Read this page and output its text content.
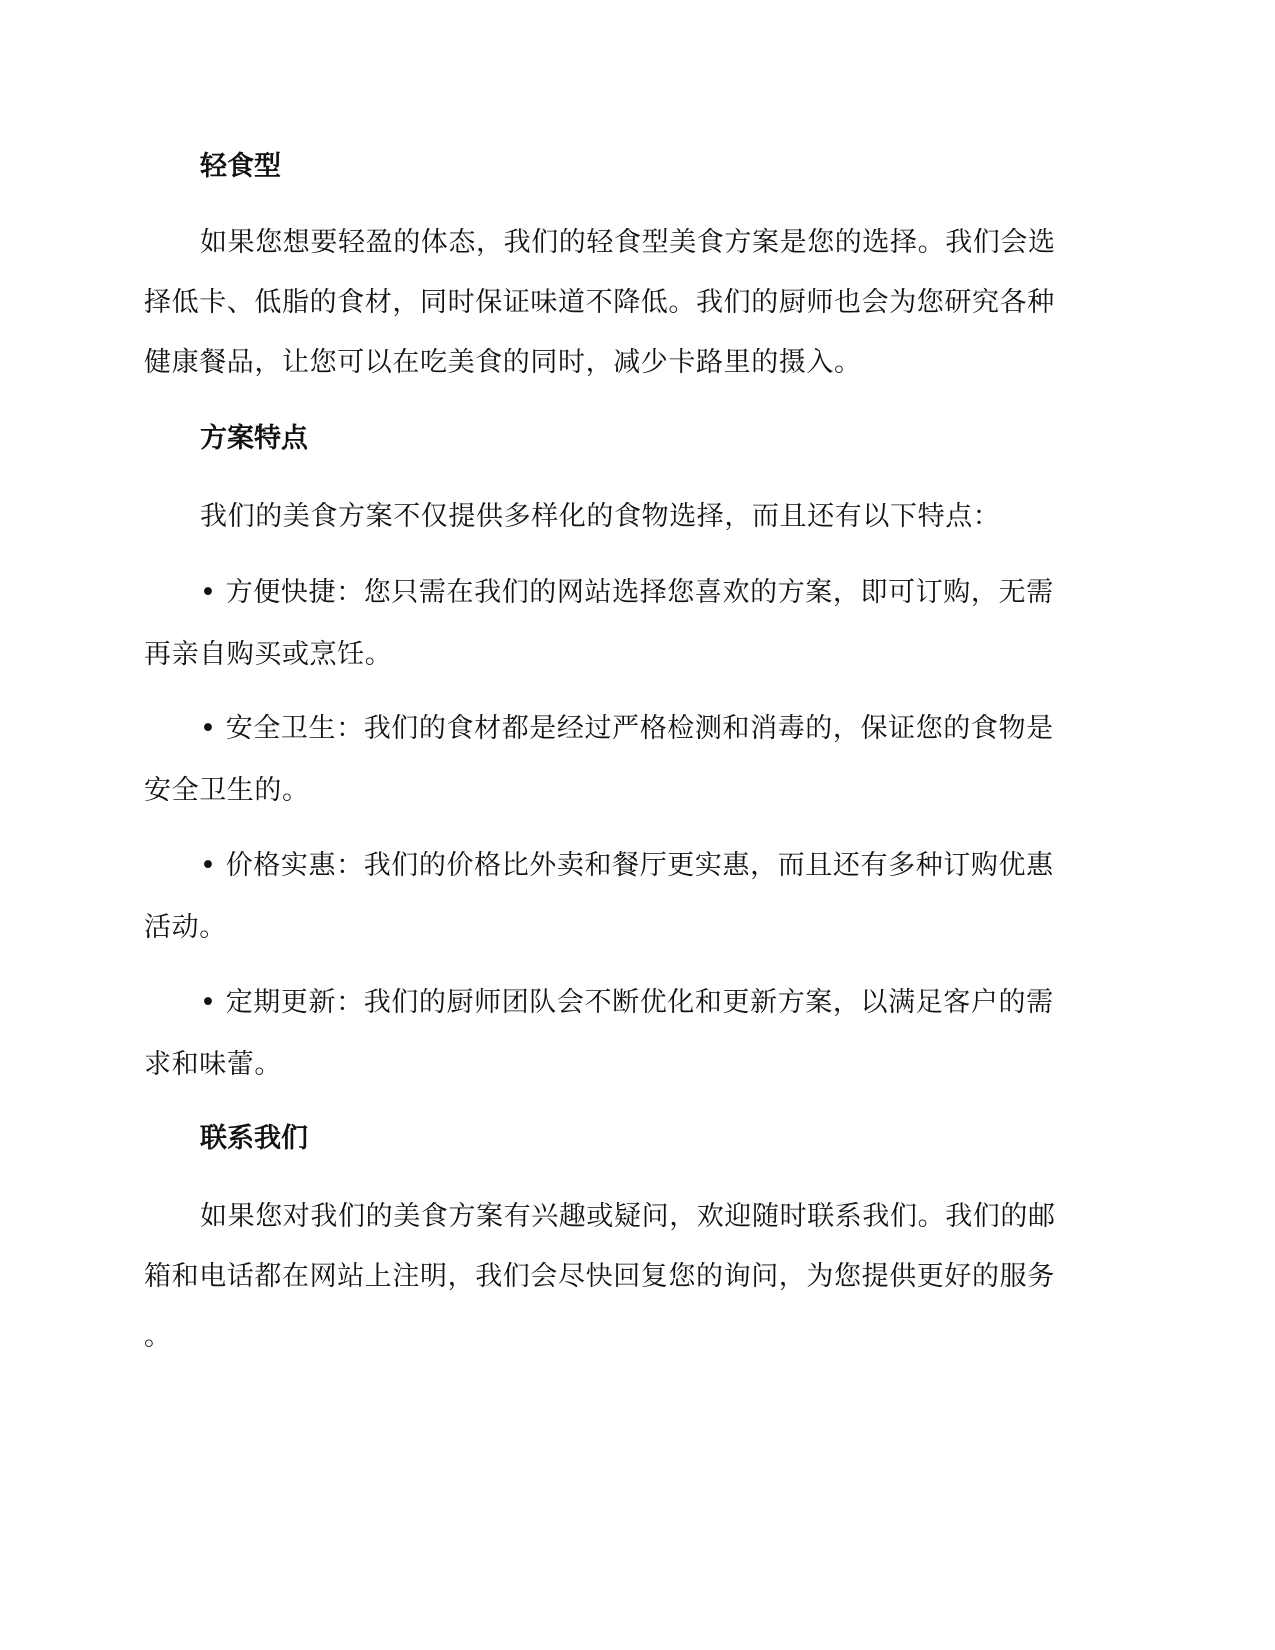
轻食型
如果您想要轻盈的体态，我们的轻食型美食方案是您的选择。我们会选
择低卡、低脂的食材，同时保证味道不降低。我们的厨师也会为您研究各种
健康餐品，让您可以在吃美食的同时，减少卡路里的摄入。
方案特点
我们的美食方案不仅提供多样化的食物选择，而且还有以下特点：
• 方便快捷：您只需在我们的网站选择您喜欢的方案，即可订购，无需
再亲自购买或烹饪。
• 安全卫生：我们的食材都是经过严格检测和消毒的，保证您的食物是
安全卫生的。
• 价格实惠：我们的价格比外卖和餐厅更实惠，而且还有多种订购优惠
活动。
• 定期更新：我们的厨师团队会不断优化和更新方案，以满足客户的需
求和味蕾。
联系我们
如果您对我们的美食方案有兴趣或疑问，欢迎随时联系我们。我们的邮
箱和电话都在网站上注明，我们会尽快回复您的询问，为您提供更好的服务
。
